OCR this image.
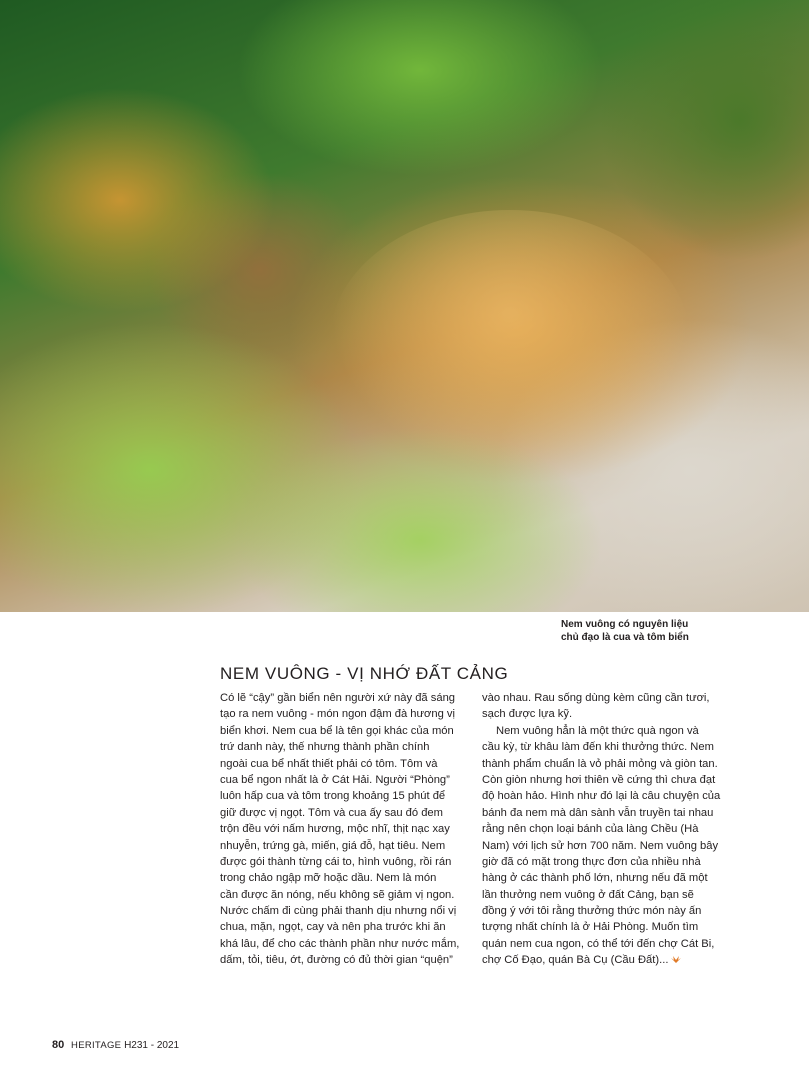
Nem vuông có nguyên liệu
chủ đạo là cua và tôm biển
NEM VUÔNG - VỊ NHỚ ĐẤT CẢNG
Có lẽ “cậy” gần biển nên người xứ này đã sáng
tạo ra nem vuông - món ngon đậm đà hương vị
biển khơi. Nem cua bể là tên gọi khác của món
trứ danh này, thế nhưng thành phần chính
ngoài cua bể nhất thiết phải có tôm. Tôm và
cua bể ngon nhất là ở Cát Hải. Người “Phòng”
luôn hấp cua và tôm trong khoảng 15 phút để
giữ được vị ngọt. Tôm và cua ấy sau đó đem
trộn đều với nấm hương, mộc nhĩ, thịt nạc xay
nhuyễn, trứng gà, miến, giá đỗ, hạt tiêu. Nem
được gói thành từng cái to, hình vuông, rồi rán
trong chảo ngập mỡ hoặc dầu. Nem là món
cần được ăn nóng, nếu không sẽ giảm vị ngon.
Nước chấm đi cùng phải thanh dịu nhưng nổi vị
chua, mặn, ngọt, cay và nên pha trước khi ăn
khá lâu, để cho các thành phần như nước mắm,
dấm, tỏi, tiêu, ớt, đường có đủ thời gian “quện”
vào nhau. Rau sống dùng kèm cũng cần tươi,
sạch được lựa kỹ.
Nem vuông hẳn là một thức quà ngon và
cầu kỳ, từ khâu làm đến khi thưởng thức. Nem
thành phẩm chuẩn là vỏ phải mỏng và giòn tan.
Còn giòn nhưng hơi thiên về cứng thì chưa đạt
độ hoàn hảo. Hình như đó lại là câu chuyện của
bánh đa nem mà dân sành vẫn truyền tai nhau
rằng nên chọn loại bánh của làng Chều (Hà
Nam) với lịch sử hơn 700 năm. Nem vuông bây
giờ đã có mặt trong thực đơn của nhiều nhà
hàng ở các thành phố lớn, nhưng nếu đã một
lần thưởng nem vuông ở đất Cảng, bạn sẽ
đồng ý với tôi rằng thưởng thức món này ấn
tượng nhất chính là ở Hải Phòng. Muốn tìm
quán nem cua ngon, có thể tới đến chợ Cát Bi,
chợ Cố Đạo, quán Bà Cụ (Cầu Đất)...
80 HERITAGE H231 - 2021
